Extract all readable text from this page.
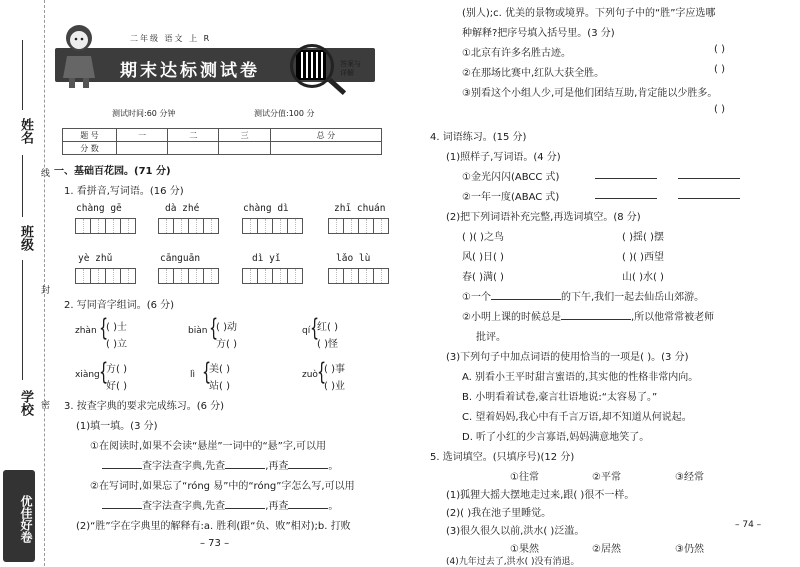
姓名
班级
学校
线
封
密
优佳好卷
二年级 语文 上 R
期末达标测试卷	答案与详解
测试时间:60 分钟	测试分值:100 分
题 号	一	二	三	总 分
分 数				
一、基础百花园。(71 分)
1. 看拼音,写词语。(16 分)
chàng gē	dà zhé	chàng dì	zhī chuán
yè zhǔ	cānguān	dì yǐ	lǎo lù
2. 写同音字组词。(6 分)
zhàn {
( )士
( )立
biàn {
( )动
方( )
qí {
红( )
( )怪
xiàng {
方( )
好( )
lì {
美( )
站( )
zuò {
( )事
( )业
3. 按查字典的要求完成练习。(6 分)
(1)填一填。(3 分)
①在阅读时,如果不会读“悬崖”一词中的“悬”字,可以用
查字法查字典,先查	,再查	。
②在写词时,如果忘了“róng 易”中的“róng”字怎么写,可以用
查字法查字典,先查	,再查	。
(2)“胜”字在字典里的解释有:a. 胜利(跟“负、败”相对);b. 打败
– 73 –
(别人);c. 优美的景物或境界。下列句子中的“胜”字应选哪
种解释?把序号填入括号里。(3 分)
①北京有许多名胜古迹。	( )
②在那场比赛中,红队大获全胜。	( )
③别看这个小组人少,可是他们团结互助,肯定能以少胜多。
( )
4. 词语练习。(15 分)
(1)照样子,写词语。(4 分)
①金光闪闪(ABCC 式)
②一年一度(ABAC 式)
(2)把下列词语补充完整,再选词填空。(8 分)
( )( )之鸟	( )揺( )摆
风( )日( )	( )( )西望
春( )满( )	山( )水( )
①一个	的下午,我们一起去仙岳山郊游。
②小明上课的时候总是	,所以他常常被老师
批评。
(3)下列句子中加点词语的使用恰当的一项是( )。(3 分)
A. 别看小王平时甜言蜜语的,其实他的性格非常内向。
B. 小明看着试卷,豪言壮语地说:“太容易了。”
C. 望着妈妈,我心中有千言万语,却不知道从何说起。
D. 听了小红的少言寡语,妈妈满意地笑了。
5. 选词填空。(只填序号)(12 分)
①往常	②平常	③经常
(1)狐狸大摇大摆地走过来,跟( )很不一样。
(2)( )我在池子里睡觉。
(3)很久很久以前,洪水( )泛滥。
①果然	②居然	③仍然
(4)九年过去了,洪水( )没有消退。
– 74 –
